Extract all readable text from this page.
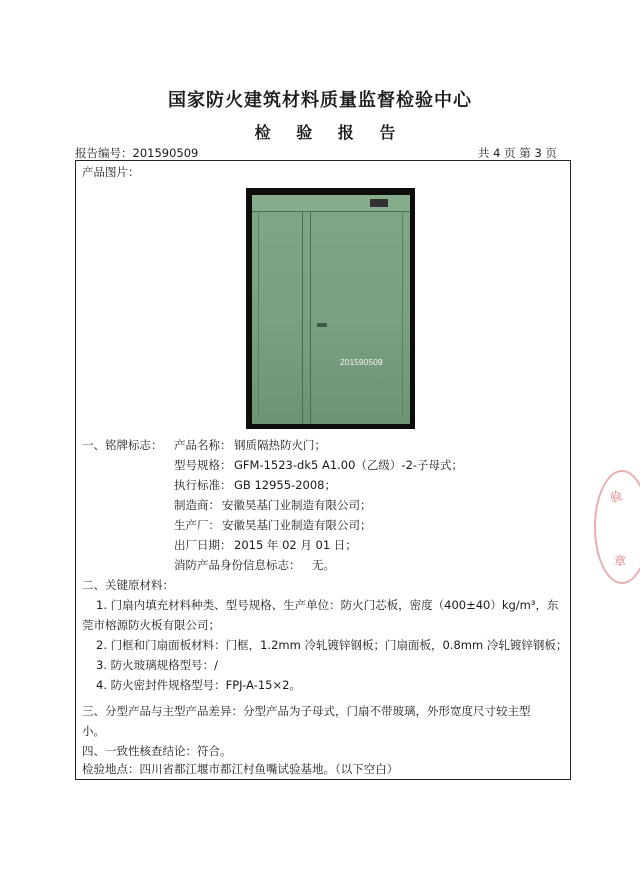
国家防火建筑材料质量监督检验中心
检 验 报 告
报告编号：201590509	共 4 页 第 3 页
产品图片：
201590509
一、铭牌标志： 产品名称： 钢质隔热防火门；
型号规格： GFM-1523-dk5 A1.00（乙级）-2-子母式；
执行标准： GB 12955-2008；
制造商： 安徽昊基门业制造有限公司；
生产厂： 安徽昊基门业制造有限公司；
出厂日期： 2015 年 02 月 01 日；
消防产品身份信息标志： 无。
二、关键原材料：
1. 门扇内填充材料种类、型号规格、生产单位：防火门芯板，密度（400±40）kg/m³，东
莞市榕源防火板有限公司；
2. 门框和门扇面板材料：门框，1.2mm 冷轧镀锌钢板；门扇面板，0.8mm 冷轧镀锌钢板；
3. 防火玻璃规格型号：/
4. 防火密封件规格型号：FPJ-A-15×2。
三、分型产品与主型产品差异：分型产品为子母式，门扇不带玻璃，外形宽度尺寸较主型
小。
四、一致性核查结论：符合。
检验地点：四川省都江堰市都江村鱼嘴试验基地。（以下空白）
验
章
